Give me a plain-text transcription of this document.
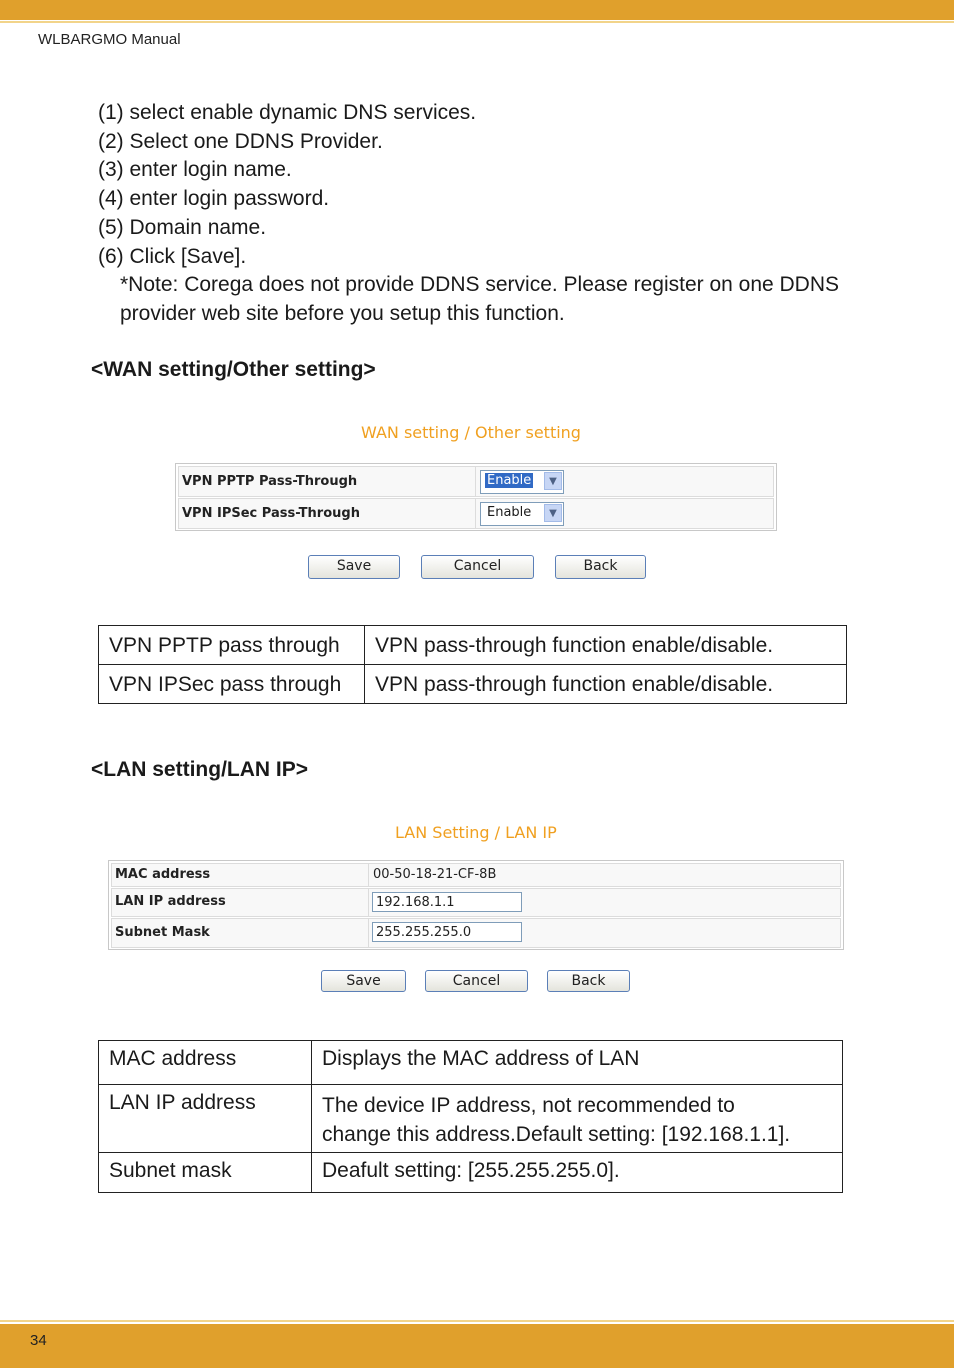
WLBARGMO Manual
(1) select enable dynamic DNS services.
(2) Select one DDNS Provider.
(3) enter login name.
(4) enter login password.
(5) Domain name.
(6) Click [Save].
*Note: Corega does not provide DDNS service. Please register on one DDNS provider web site before you setup this function.
<WAN setting/Other setting>
WAN setting / Other setting
VPN PPTP Pass-Through	Enable	▼
VPN IPSec Pass-Through	Enable	▼
Save	Cancel	Back
VPN PPTP pass through	VPN pass-through function enable/disable.
VPN IPSec pass through	VPN pass-through function enable/disable.
<LAN setting/LAN IP>
LAN Setting / LAN IP
MAC address	00-50-18-21-CF-8B
LAN IP address	192.168.1.1
Subnet Mask	255.255.255.0
Save	Cancel	Back
MAC address	Displays the MAC address of LAN
LAN IP address	The device IP address, not recommended to
change this address.Default setting: [192.168.1.1].

Subnet mask	Deafult setting: [255.255.255.0].
34
